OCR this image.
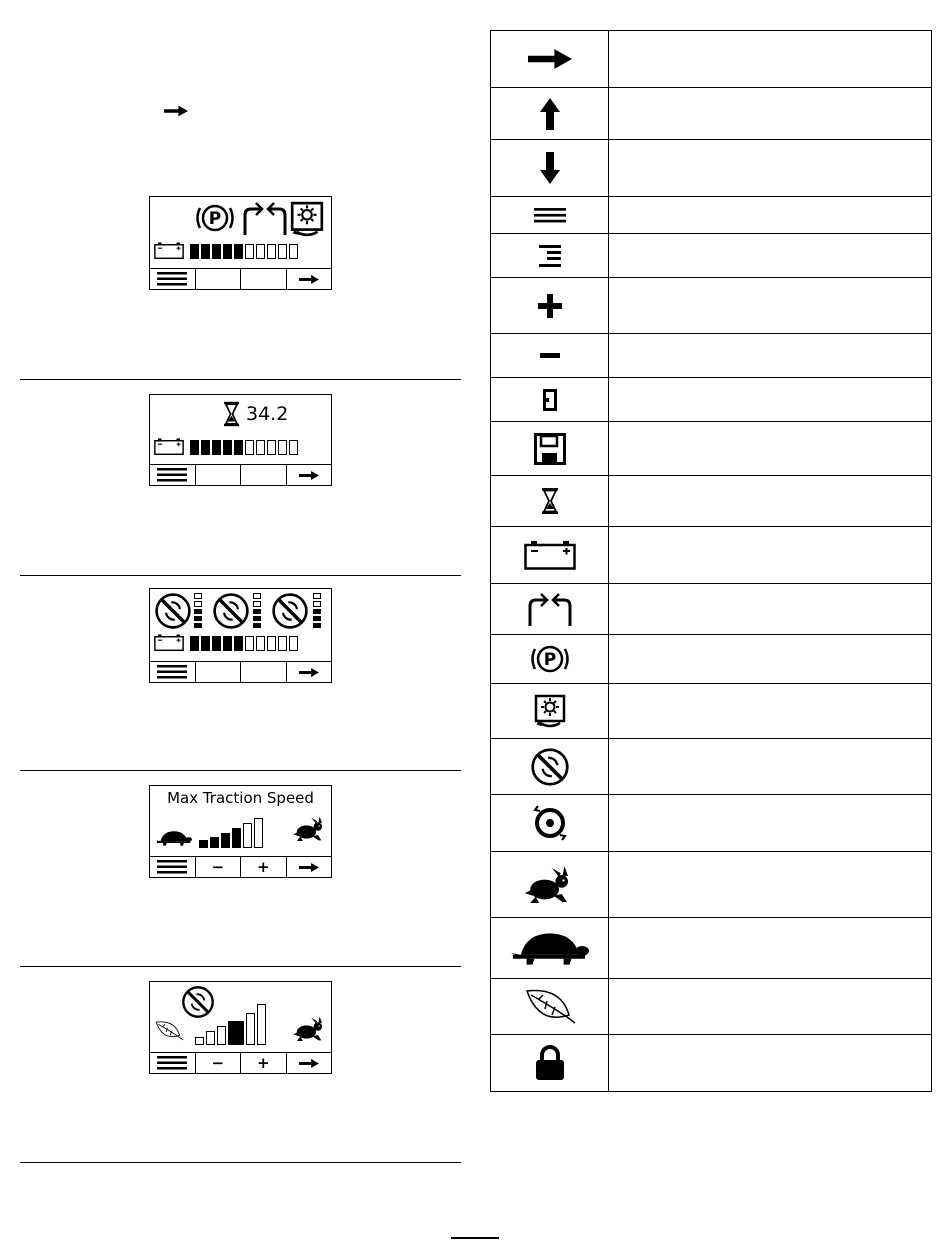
34.2
Max Traction Speed
−	+
−	+
